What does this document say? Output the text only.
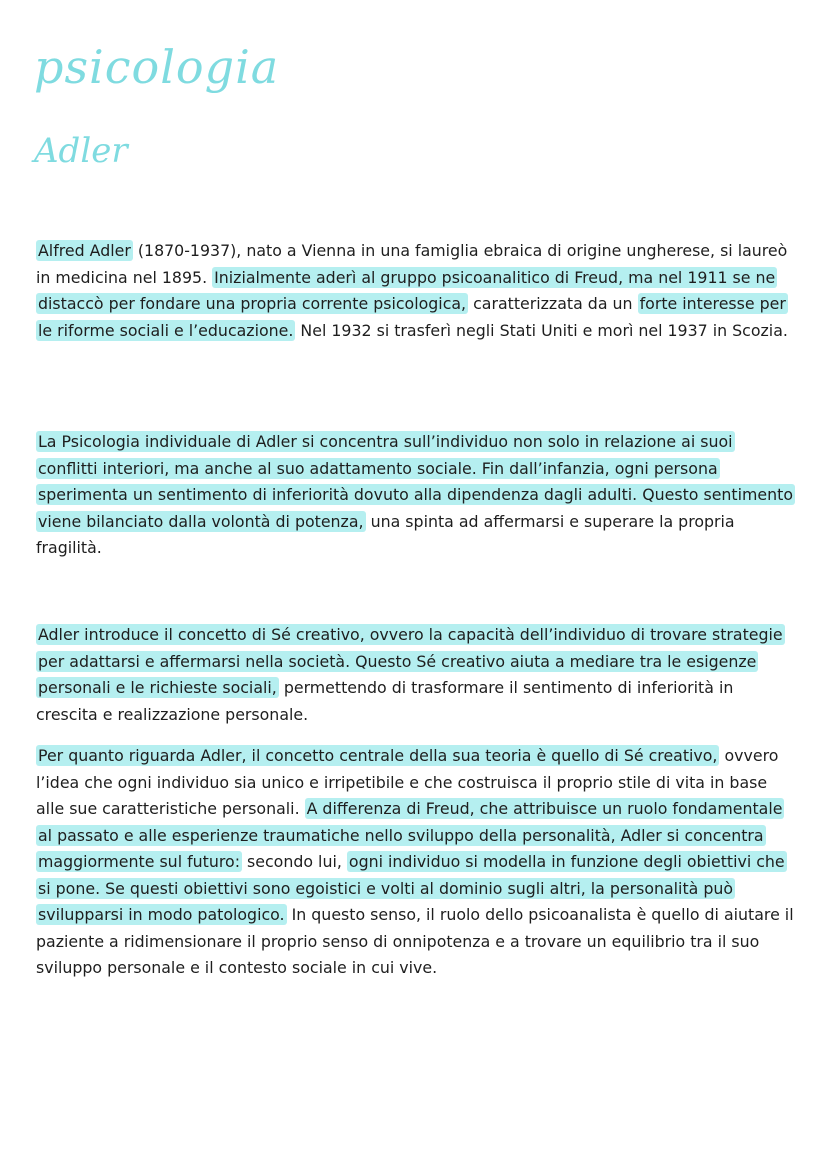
psicologia
Adler

Alfred Adler (1870-1937), nato a Vienna in una famiglia ebraica di origine ungherese, si laureò in medicina nel 1895. Inizialmente aderì al gruppo psicoanalitico di Freud, ma nel 1911 se ne distaccò per fondare una propria corrente psicologica, caratterizzata da un forte interesse per le riforme sociali e l’educazione. Nel 1932 si trasferì negli Stati Uniti e morì nel 1937 in Scozia.

La Psicologia individuale di Adler si concentra sull’individuo non solo in relazione ai suoi conflitti interiori, ma anche al suo adattamento sociale. Fin dall’infanzia, ogni persona sperimenta un sentimento di inferiorità dovuto alla dipendenza dagli adulti. Questo sentimento viene bilanciato dalla volontà di potenza, una spinta ad affermarsi e superare la propria fragilità.

Adler introduce il concetto di Sé creativo, ovvero la capacità dell’individuo di trovare strategie per adattarsi e affermarsi nella società. Questo Sé creativo aiuta a mediare tra le esigenze personali e le richieste sociali, permettendo di trasformare il sentimento di inferiorità in crescita e realizzazione personale.

Per quanto riguarda Adler, il concetto centrale della sua teoria è quello di Sé creativo, ovvero l’idea che ogni individuo sia unico e irripetibile e che costruisca il proprio stile di vita in base alle sue caratteristiche personali. A differenza di Freud, che attribuisce un ruolo fondamentale al passato e alle esperienze traumatiche nello sviluppo della personalità, Adler si concentra maggiormente sul futuro: secondo lui, ogni individuo si modella in funzione degli obiettivi che si pone. Se questi obiettivi sono egoistici e volti al dominio sugli altri, la personalità può svilupparsi in modo patologico. In questo senso, il ruolo dello psicoanalista è quello di aiutare il paziente a ridimensionare il proprio senso di onnipotenza e a trovare un equilibrio tra il suo sviluppo personale e il contesto sociale in cui vive.
